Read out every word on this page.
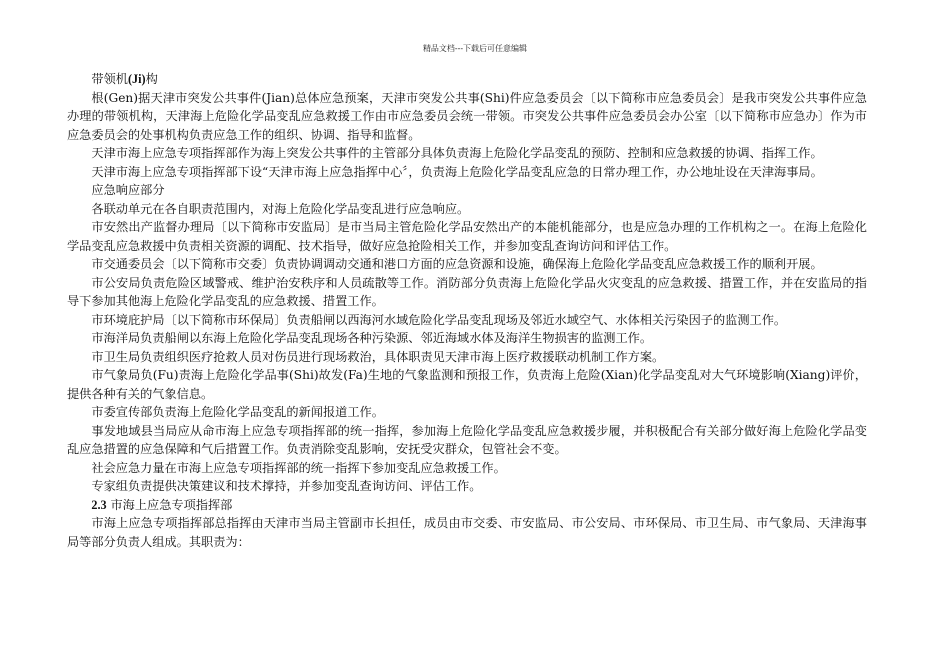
精品文档---下载后可任意编辑

带领机(Ji)构

根(Gen)据天津市突发公共事件(Jian)总体应急预案，天津市突发公共事(Shi)件应急委员会〔以下简称市应急委员会〕是我市突发公共事件应急办理的带领机构，天津海上危险化学品变乱应急救援工作由市应急委员会统一带领。市突发公共事件应急委员会办公室〔以下简称市应急办〕作为市应急委员会的处事机构负责应急工作的组织、协调、指导和监督。

天津市海上应急专项指挥部作为海上突发公共事件的主管部分具体负责海上危险化学品变乱的预防、控制和应急救援的协调、指挥工作。

天津市海上应急专项指挥部下设“天津市海上应急指挥中心〞，负责海上危险化学品变乱应急的日常办理工作，办公地址设在天津海事局。

应急响应部分

各联动单元在各自职责范围内，对海上危险化学品变乱进行应急响应。

市安然出产监督办理局〔以下简称市安监局〕是市当局主管危险化学品安然出产的本能机能部分，也是应急办理的工作机构之一。在海上危险化学品变乱应急救援中负责相关资源的调配、技术指导，做好应急抢险相关工作，并参加变乱查询访问和评估工作。

市交通委员会〔以下简称市交委〕负责协调调动交通和港口方面的应急资源和设施，确保海上危险化学品变乱应急救援工作的顺利开展。

市公安局负责危险区域警戒、维护治安秩序和人员疏散等工作。消防部分负责海上危险化学品火灾变乱的应急救援、措置工作，并在安监局的指导下参加其他海上危险化学品变乱的应急救援、措置工作。

市环境庇护局〔以下简称市环保局〕负责船闸以西海河水域危险化学品变乱现场及邻近水域空气、水体相关污染因子的监测工作。

市海洋局负责船闸以东海上危险化学品变乱现场各种污染源、邻近海域水体及海洋生物损害的监测工作。

市卫生局负责组织医疗抢救人员对伤员进行现场救治，具体职责见天津市海上医疗救援联动机制工作方案。

市气象局负(Fu)责海上危险化学品事(Shi)故发(Fa)生地的气象监测和预报工作，负责海上危险(Xian)化学品变乱对大气环境影响(Xiang)评价，提供各种有关的气象信息。

市委宣传部负责海上危险化学品变乱的新闻报道工作。

事发地域县当局应从命市海上应急专项指挥部的统一指挥，参加海上危险化学品变乱应急救援步履，并积极配合有关部分做好海上危险化学品变乱应急措置的应急保障和气后措置工作。负责消除变乱影响，安抚受灾群众，包管社会不变。

社会应急力量在市海上应急专项指挥部的统一指挥下参加变乱应急救援工作。

专家组负责提供决策建议和技术撑持，并参加变乱查询访问、评估工作。

2.3 市海上应急专项指挥部

市海上应急专项指挥部总指挥由天津市当局主管副市长担任，成员由市交委、市安监局、市公安局、市环保局、市卫生局、市气象局、天津海事局等部分负责人组成。其职责为：
